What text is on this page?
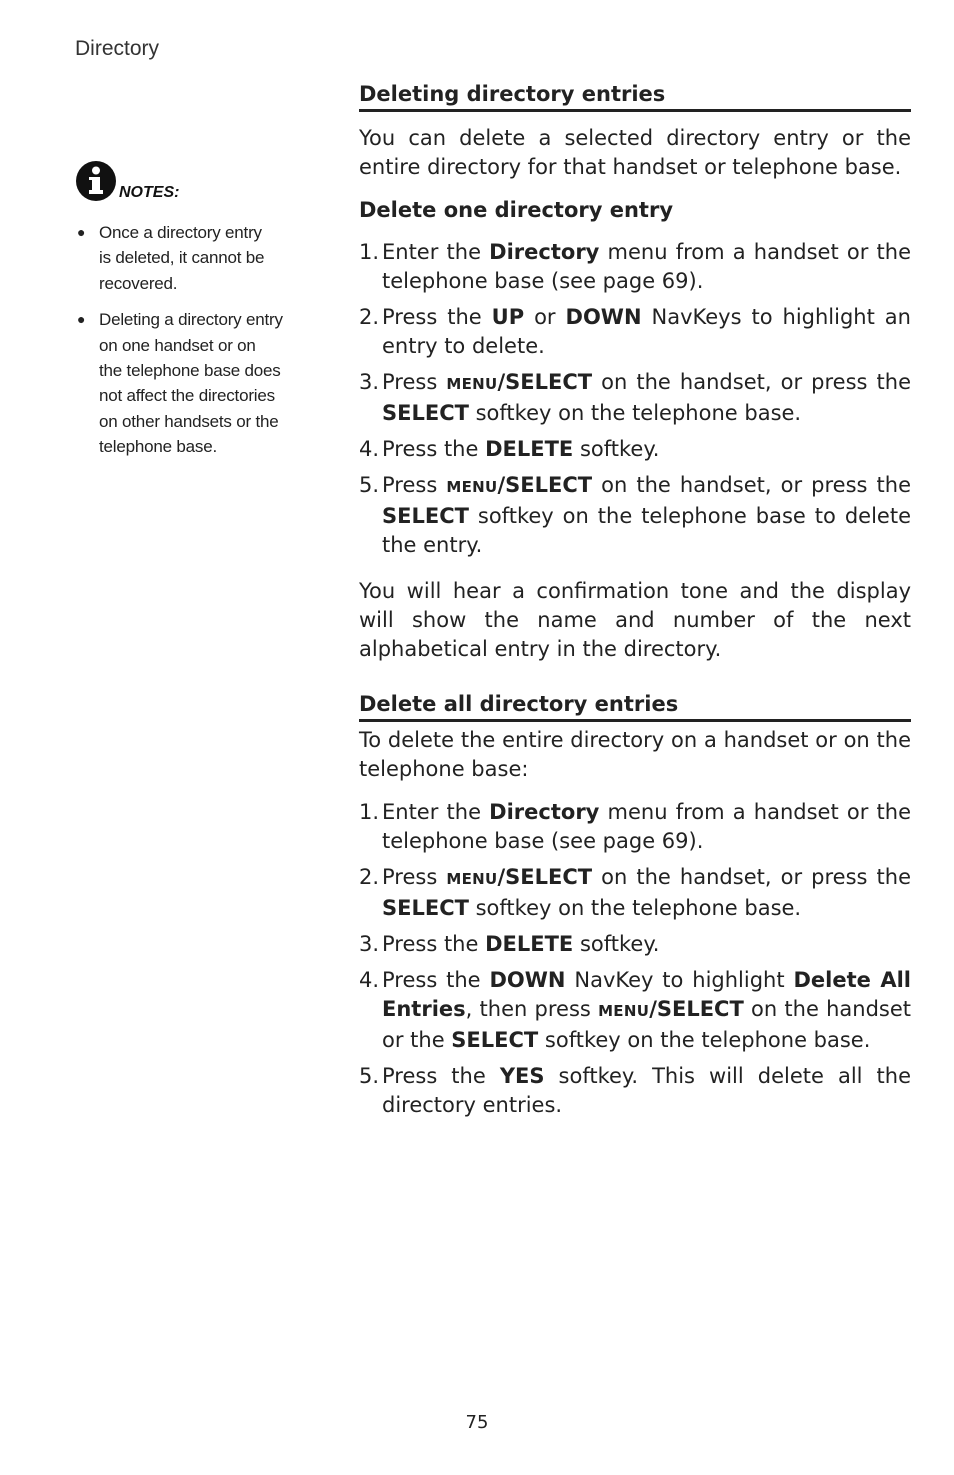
Directory
NOTES:
● Once a directory entry
is deleted, it cannot be
recovered.
● Deleting a directory entry
on one handset or on
the telephone base does
not affect the directories
on other handsets or the
telephone base.
Deleting directory entries

You can delete a selected directory entry or the entire directory for that handset or telephone base.

Delete one directory entry

1. Enter the Directory menu from a handset or the telephone base (see page 69).

2. Press the UP or DOWN NavKeys to highlight an entry to delete.

3. Press MENU/SELECT on the handset, or press the SELECT softkey on the telephone base.

4. Press the DELETE softkey.

5. Press MENU/SELECT on the handset, or press the SELECT softkey on the telephone base to delete the entry.

You will hear a confirmation tone and the display will show the name and number of the next alphabetical entry in the directory.

Delete all directory entries

To delete the entire directory on a handset or on the telephone base:

1. Enter the Directory menu from a handset or the telephone base (see page 69).

2. Press MENU/SELECT on the handset, or press the SELECT softkey on the telephone base.

3. Press the DELETE softkey.

4. Press the DOWN NavKey to highlight Delete All Entries, then press MENU/SELECT on the handset or the SELECT softkey on the telephone base.

5. Press the YES softkey. This will delete all the directory entries.

75
